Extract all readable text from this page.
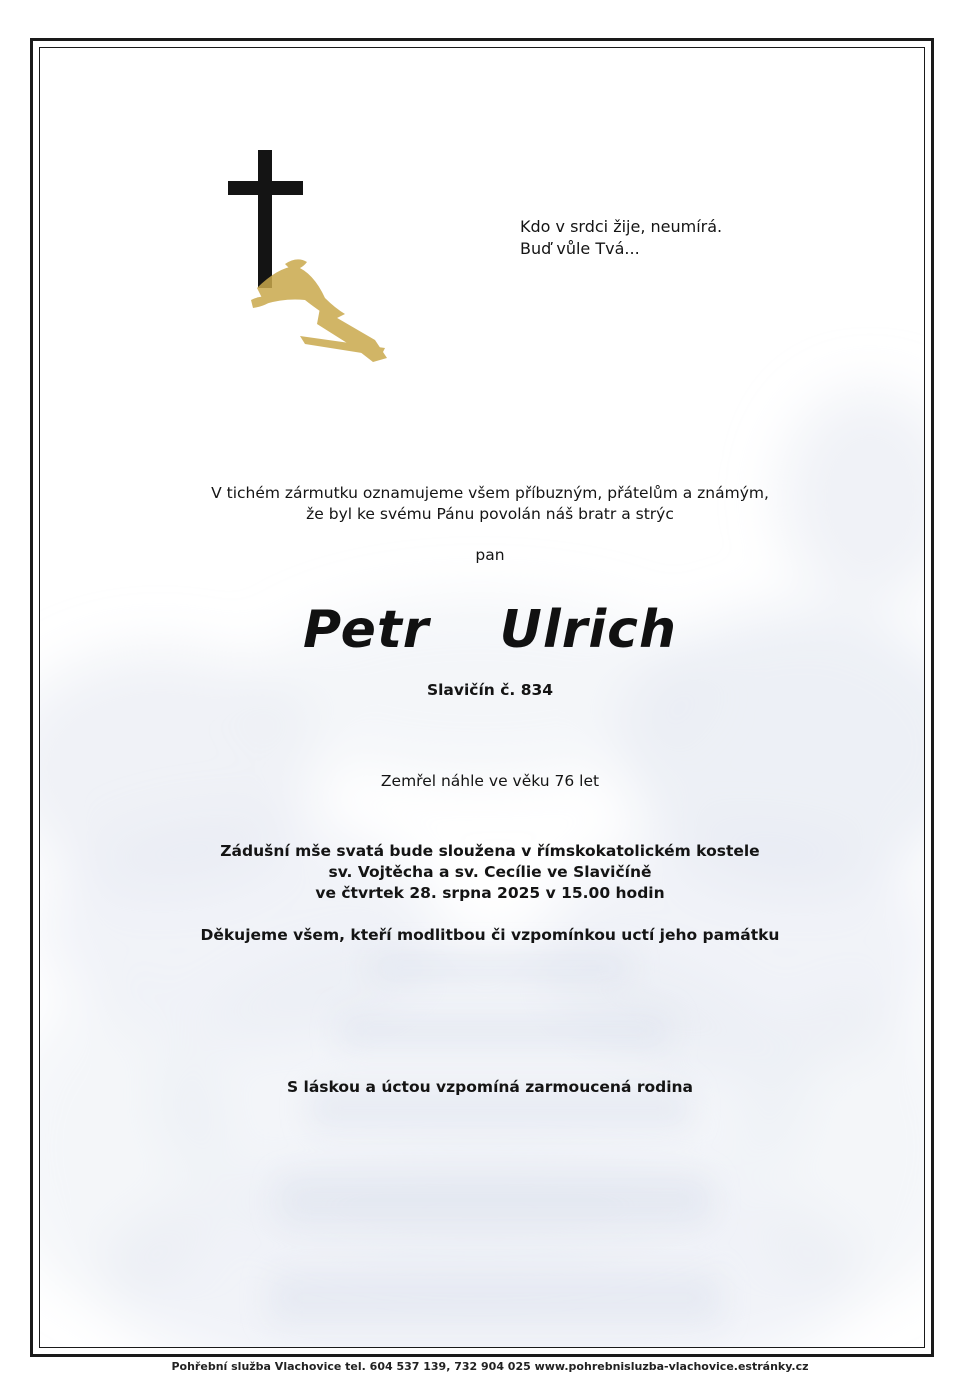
Kdo v srdci žije, neumírá.
Buď vůle Tvá...
V tichém zármutku oznamujeme všem příbuzným, přátelům a známým,
že byl ke svému Pánu povolán náš bratr a strýc
pan
Petr  Ulrich
Slavičín č. 834
Zemřel náhle ve věku 76 let
Zádušní mše svatá bude sloužena v římskokatolickém kostele
sv. Vojtěcha a sv. Cecílie ve Slavičíně
ve čtvrtek 28. srpna 2025 v 15.00 hodin
Děkujeme všem, kteří modlitbou či vzpomínkou uctí jeho památku
S láskou a úctou vzpomíná zarmoucená rodina
Pohřební služba Vlachovice tel. 604 537 139, 732 904 025 www.pohrebnisluzba-vlachovice.estránky.cz
